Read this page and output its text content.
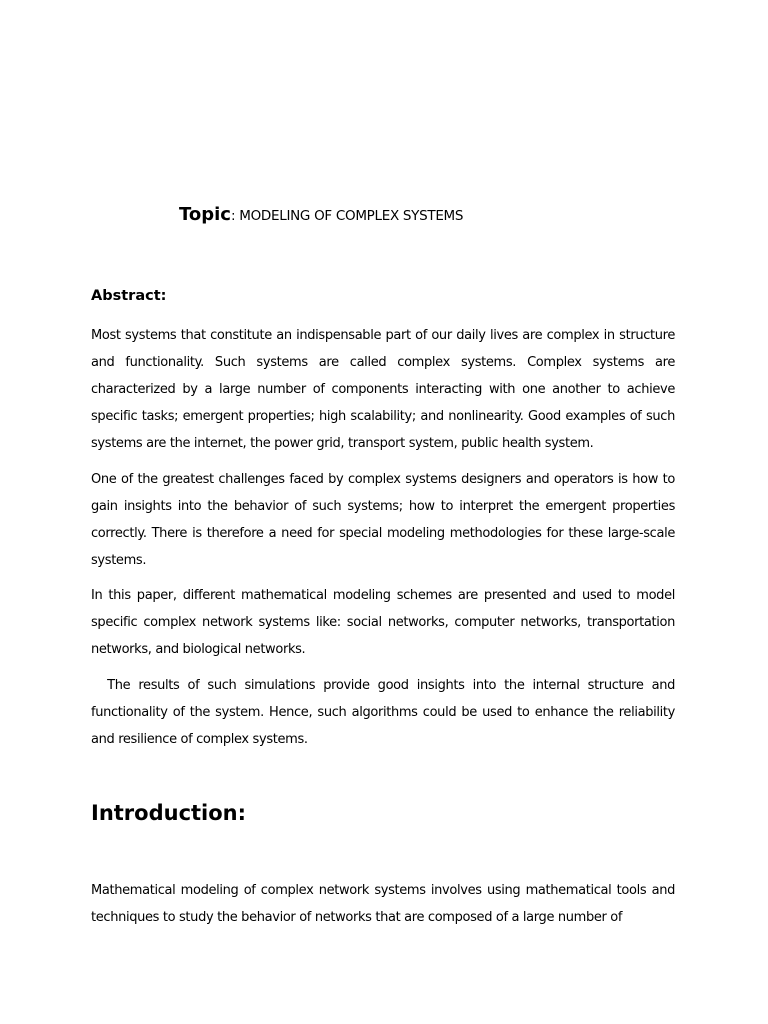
Topic: MODELING OF COMPLEX SYSTEMS
Abstract:

Most systems that constitute an indispensable part of our daily lives are complex in structure and functionality. Such systems are called complex systems. Complex systems are characterized by a large number of components interacting with one another to achieve specific tasks; emergent properties; high scalability; and nonlinearity. Good examples of such systems are the internet, the power grid, transport system, public health system.

One of the greatest challenges faced by complex systems designers and operators is how to gain insights into the behavior of such systems; how to interpret the emergent properties correctly. There is therefore a need for special modeling methodologies for these large-scale systems.

In this paper, different mathematical modeling schemes are presented and used to model specific complex network systems like: social networks, computer networks, transportation networks, and biological networks.

The results of such simulations provide good insights into the internal structure and functionality of the system. Hence, such algorithms could be used to enhance the reliability and resilience of complex systems.

Introduction:

Mathematical modeling of complex network systems involves using mathematical tools and techniques to study the behavior of networks that are composed of a large number of
